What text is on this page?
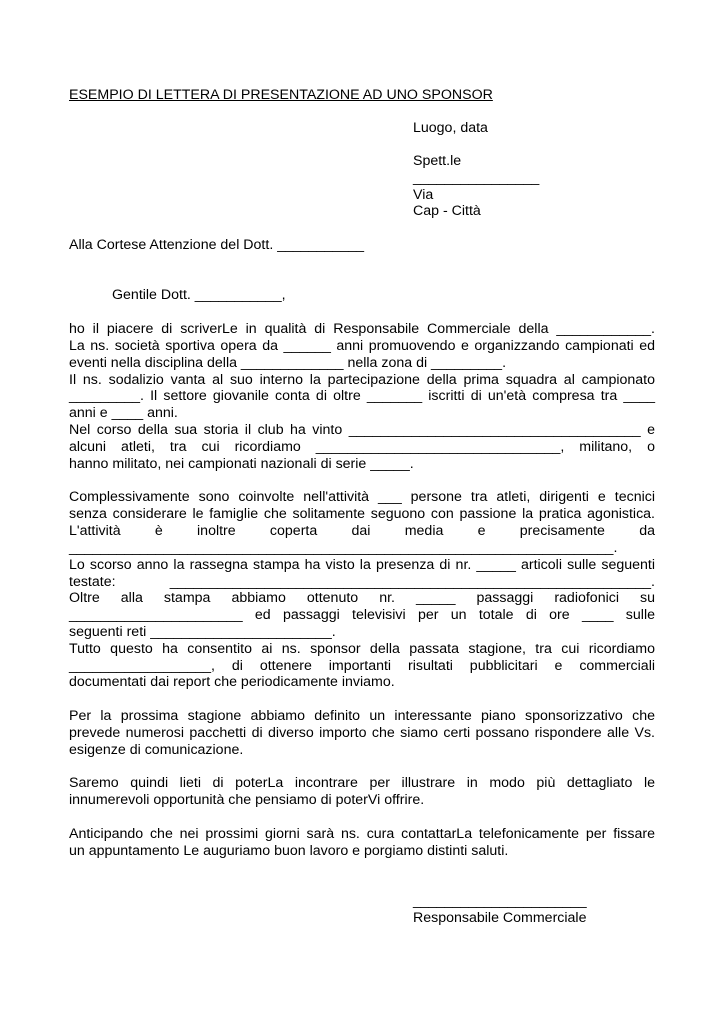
ESEMPIO DI LETTERA DI PRESENTAZIONE AD UNO SPONSOR
Luogo, data
Spett.le
________________
Via
Cap - Città
Alla Cortese Attenzione del Dott. ___________
Gentile Dott. ___________,
ho il piacere di scriverLe in qualità di Responsabile Commerciale della ____________.
La ns. società sportiva opera da ______ anni promuovendo e organizzando campionati ed
eventi nella disciplina della _____________ nella zona di _________.
Il ns. sodalizio vanta al suo interno la partecipazione della prima squadra al campionato
_________. Il settore giovanile conta di oltre _______ iscritti di un'età compresa tra ____
anni e ____ anni.
Nel corso della sua storia il club ha vinto _____________________________________ e
alcuni atleti, tra cui ricordiamo _______________________________, militano, o
hanno militato, nei campionati nazionali di serie _____.
Complessivamente sono coinvolte nell'attività ___ persone tra atleti, dirigenti e tecnici
senza considerare le famiglie che solitamente seguono con passione la pratica agonistica.
L'attività è inoltre coperta dai media e precisamente da
_____________________________________________________________________.
Lo scorso anno la rassegna stampa ha visto la presenza di nr. _____ articoli sulle seguenti
testate: _____________________________________________________________.
Oltre alla stampa abbiamo ottenuto nr. _____ passaggi radiofonici su
______________________ ed passaggi televisivi per un totale di ore ____ sulle
seguenti reti _______________________.
Tutto questo ha consentito ai ns. sponsor della passata stagione, tra cui ricordiamo
__________________, di ottenere importanti risultati pubblicitari e commerciali
documentati dai report che periodicamente inviamo.
Per la prossima stagione abbiamo definito un interessante piano sponsorizzativo che
prevede numerosi pacchetti di diverso importo che siamo certi possano rispondere alle Vs.
esigenze di comunicazione.
Saremo quindi lieti di poterLa incontrare per illustrare in modo più dettagliato le
innumerevoli opportunità che pensiamo di poterVi offrire.
Anticipando che nei prossimi giorni sarà ns. cura contattarLa telefonicamente per fissare
un appuntamento Le auguriamo buon lavoro e porgiamo distinti saluti.
______________________
Responsabile Commerciale
